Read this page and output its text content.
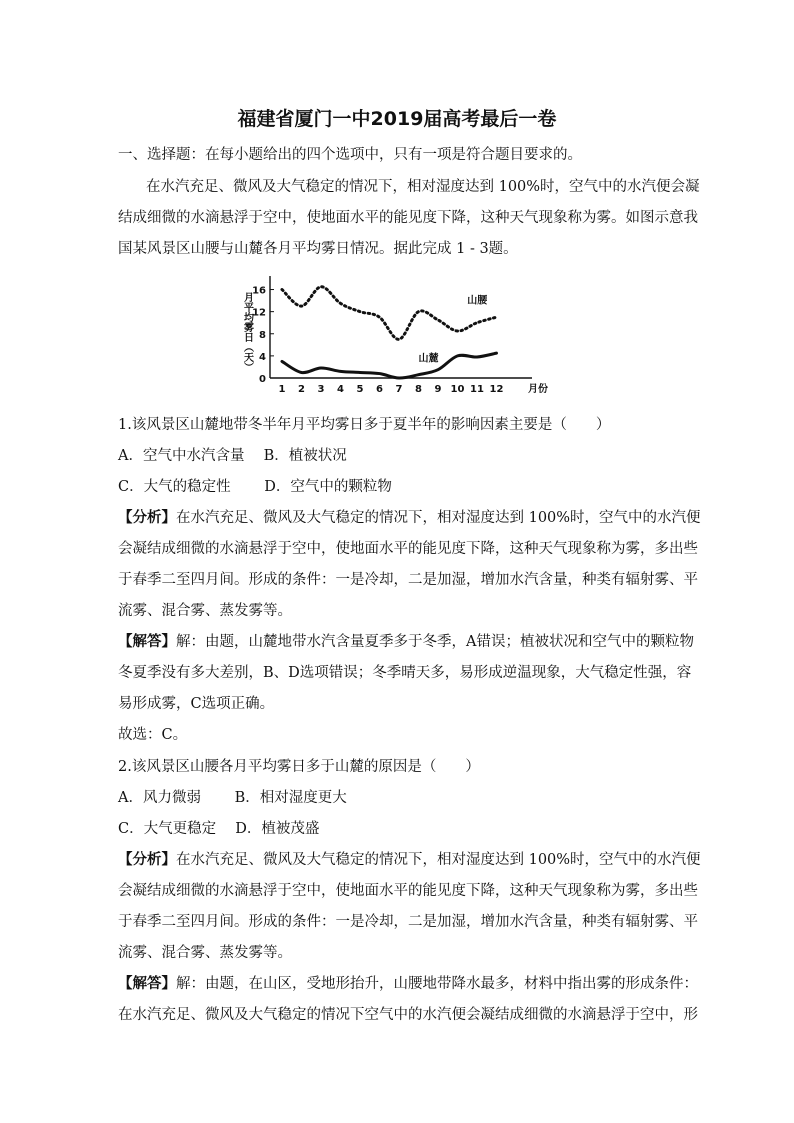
福建省厦门一中2019届高考最后一卷
一、选择题：在每小题给出的四个选项中，只有一项是符合题目要求的。
在水汽充足、微风及大气稳定的情况下，相对湿度达到 100%时，空气中的水汽便会凝
结成细微的水滴悬浮于空中，使地面水平的能见度下降，这种天气现象称为雾。如图示意我
国某风景区山腰与山麓各月平均雾日情况。据此完成 1 - 3题。
0
4
8
12
16
1 2 3 4 5 6 7 8 9 10 11 12 月份
月平均雾日（天）	山腰
山麓
1.该风景区山麓地带冬半年月平均雾日多于夏半年的影响因素主要是（　　）
A．空气中水汽含量　 B．植被状况
C．大气的稳定性　　 D．空气中的颗粒物
【分析】在水汽充足、微风及大气稳定的情况下，相对湿度达到 100%时，空气中的水汽便
会凝结成细微的水滴悬浮于空中，使地面水平的能见度下降，这种天气现象称为雾，多出些
于春季二至四月间。形成的条件：一是冷却，二是加湿，增加水汽含量，种类有辐射雾、平
流雾、混合雾、蒸发雾等。
【解答】解：由题，山麓地带水汽含量夏季多于冬季，A错误；植被状况和空气中的颗粒物
冬夏季没有多大差别，B、D选项错误；冬季晴天多，易形成逆温现象，大气稳定性强，容
易形成雾，C选项正确。
故选：C。
2.该风景区山腰各月平均雾日多于山麓的原因是（　　）
A．风力微弱　　 B．相对湿度更大
C．大气更稳定　 D．植被茂盛
【分析】在水汽充足、微风及大气稳定的情况下，相对湿度达到 100%时，空气中的水汽便
会凝结成细微的水滴悬浮于空中，使地面水平的能见度下降，这种天气现象称为雾，多出些
于春季二至四月间。形成的条件：一是冷却，二是加湿，增加水汽含量，种类有辐射雾、平
流雾、混合雾、蒸发雾等。
【解答】解：由题，在山区，受地形抬升，山腰地带降水最多，材料中指出雾的形成条件：
在水汽充足、微风及大气稳定的情况下空气中的水汽便会凝结成细微的水滴悬浮于空中，形
